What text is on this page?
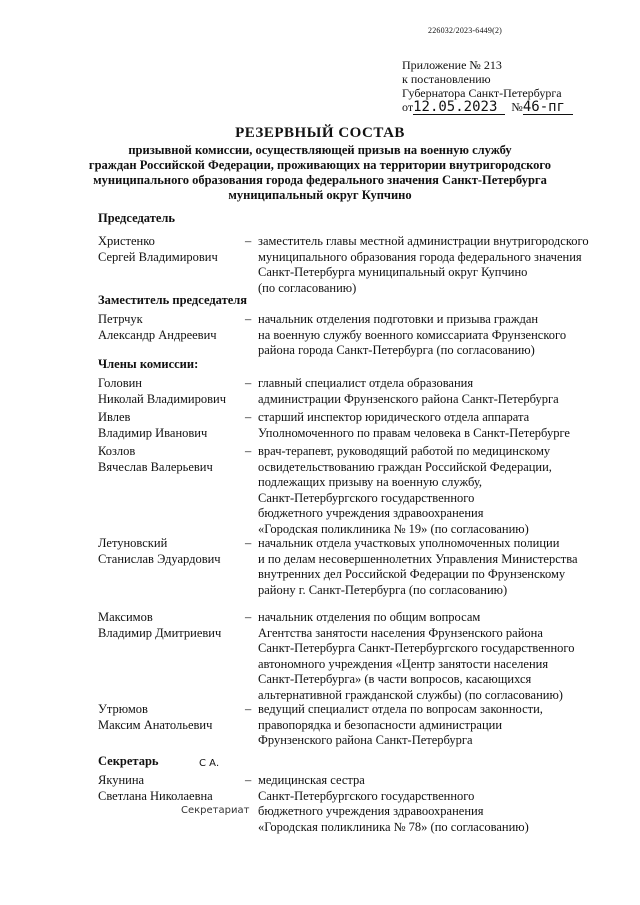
226032/2023-6449(2)
Приложение № 213
к постановлению
Губернатора Санкт-Петербурга
от12.05.2023 №46-пг
РЕЗЕРВНЫЙ СОСТАВ
призывной комиссии, осуществляющей призыв на военную службу
граждан Российской Федерации, проживающих на территории внутригородского
муниципального образования города федерального значения Санкт-Петербурга
муниципальный округ Купчино
Председатель
Христенко
Сергей Владимирович
– заместитель главы местной администрации внутригородского
муниципального образования города федерального значения
Санкт-Петербурга муниципальный округ Купчино
(по согласованию)
Заместитель председателя
Петрчук
Александр Андреевич
– начальник отделения подготовки и призыва граждан
на военную службу военного комиссариата Фрунзенского
района города Санкт-Петербурга (по согласованию)
Члены комиссии:
Головин
Николай Владимирович
– главный специалист отдела образования
администрации Фрунзенского района Санкт-Петербурга
Ивлев
Владимир Иванович
– старший инспектор юридического отдела аппарата
Уполномоченного по правам человека в Санкт-Петербурге
Козлов
Вячеслав Валерьевич
– врач-терапевт, руководящий работой по медицинскому
освидетельствованию граждан Российской Федерации,
подлежащих призыву на военную службу,
Санкт-Петербургского государственного
бюджетного учреждения здравоохранения
«Городская поликлиника № 19» (по согласованию)
Летуновский
Станислав Эдуардович
– начальник отдела участковых уполномоченных полиции
и по делам несовершеннолетних Управления Министерства
внутренних дел Российской Федерации по Фрунзенскому
району г. Санкт-Петербурга (по согласованию)
Максимов
Владимир Дмитриевич
– начальник отделения по общим вопросам
Агентства занятости населения Фрунзенского района
Санкт-Петербурга Санкт-Петербургского государственного
автономного учреждения «Центр занятости населения
Санкт-Петербурга» (в части вопросов, касающихся
альтернативной гражданской службы) (по согласованию)
Утрюмов
Максим Анатольевич
– ведущий специалист отдела по вопросам законности,
правопорядка и безопасности администрации
Фрунзенского района Санкт-Петербурга
Секретарь	С А.
Якунина
Светлана Николаевна
– медицинская сестра
Санкт-Петербургского государственного
бюджетного учреждения здравоохранения
«Городская поликлиника № 78» (по согласованию)
Секретариат
